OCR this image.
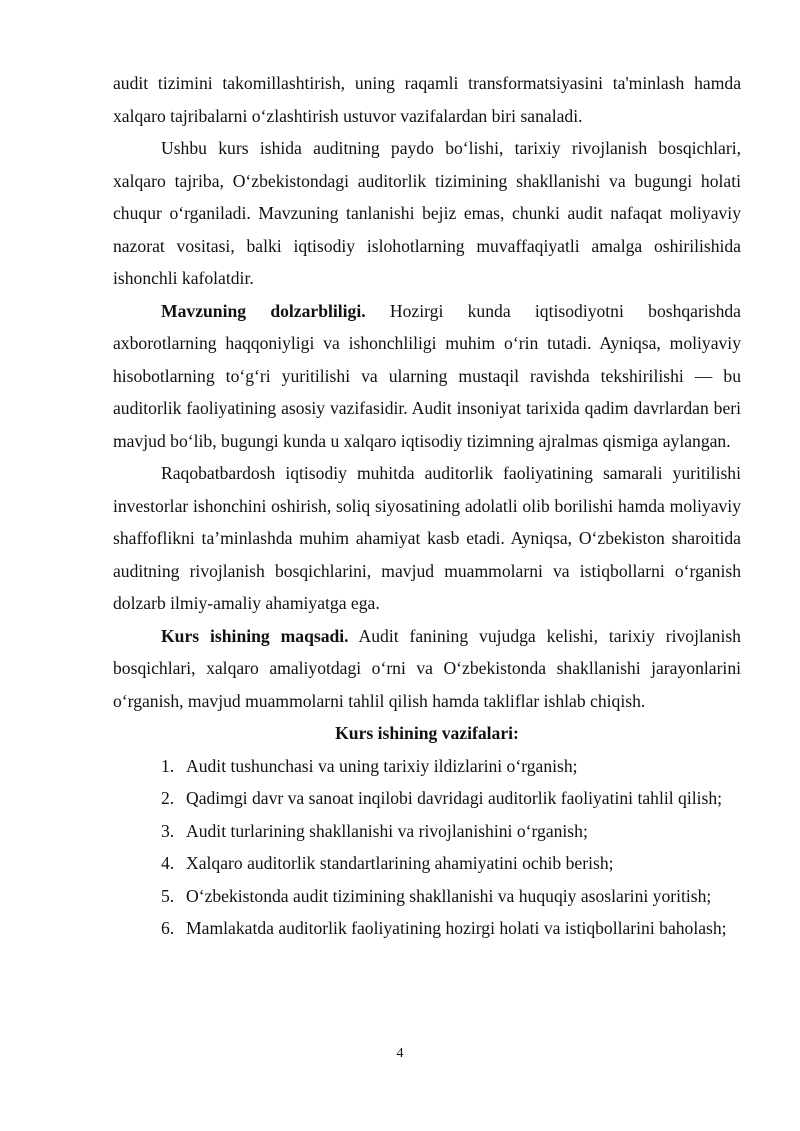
audit tizimini takomillashtirish, uning raqamli transformatsiyasini ta'minlash hamda xalqaro tajribalarni o‘zlashtirish ustuvor vazifalardan biri sanaladi.

Ushbu kurs ishida auditning paydo bo‘lishi, tarixiy rivojlanish bosqichlari, xalqaro tajriba, O‘zbekistondagi auditorlik tizimining shakllanishi va bugungi holati chuqur o‘rganiladi. Mavzuning tanlanishi bejiz emas, chunki audit nafaqat moliyaviy nazorat vositasi, balki iqtisodiy islohotlarning muvaffaqiyatli amalga oshirilishida ishonchli kafolatdir.

Mavzuning dolzarbliligi. Hozirgi kunda iqtisodiyotni boshqarishda axborotlarning haqqoniyligi va ishonchliligi muhim o‘rin tutadi. Ayniqsa, moliyaviy hisobotlarning to‘g‘ri yuritilishi va ularning mustaqil ravishda tekshirilishi — bu auditorlik faoliyatining asosiy vazifasidir. Audit insoniyat tarixida qadim davrlardan beri mavjud bo‘lib, bugungi kunda u xalqaro iqtisodiy tizimning ajralmas qismiga aylangan.

Raqobatbardosh iqtisodiy muhitda auditorlik faoliyatining samarali yuritilishi investorlar ishonchini oshirish, soliq siyosatining adolatli olib borilishi hamda moliyaviy shaffoflikni ta’minlashda muhim ahamiyat kasb etadi. Ayniqsa, O‘zbekiston sharoitida auditning rivojlanish bosqichlarini, mavjud muammolarni va istiqbollarni o‘rganish dolzarb ilmiy-amaliy ahamiyatga ega.

Kurs ishining maqsadi. Audit fanining vujudga kelishi, tarixiy rivojlanish bosqichlari, xalqaro amaliyotdagi o‘rni va O‘zbekistonda shakllanishi jarayonlarini o‘rganish, mavjud muammolarni tahlil qilish hamda takliflar ishlab chiqish.

Kurs ishining vazifalari:

1. Audit tushunchasi va uning tarixiy ildizlarini o‘rganish;
2. Qadimgi davr va sanoat inqilobi davridagi auditorlik faoliyatini tahlil qilish;
3. Audit turlarining shakllanishi va rivojlanishini o‘rganish;
4. Xalqaro auditorlik standartlarining ahamiyatini ochib berish;
5. O‘zbekistonda audit tizimining shakllanishi va huquqiy asoslarini yoritish;
6. Mamlakatda auditorlik faoliyatining hozirgi holati va istiqbollarini baholash;
4
